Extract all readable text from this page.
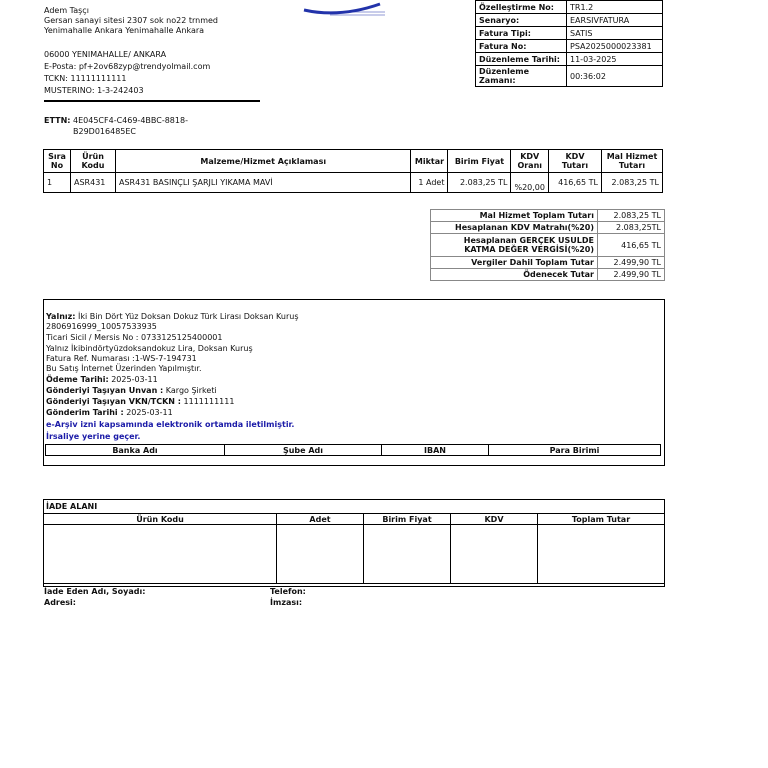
Adem Taşçı
Gersan sanayi sitesi 2307 sok no22 trnmed
Yenimahalle Ankara Yenimahalle Ankara
06000 YENIMAHALLE/ ANKARA
E-Posta: pf+2ov68zyp@trendyolmail.com
TCKN: 11111111111
MUSTERINO: 1-3-242403
Özelleştirme No:	TR1.2
Senaryo:	EARSIVFATURA
Fatura Tipi:	SATIS
Fatura No:	PSA2025000023381
Düzenleme Tarihi:	11-03-2025
Düzenleme Zamanı:	00:36:02
ETTN: 4E045CF4-C469-4BBC-8818-
B29D016485EC
Sıra No	Ürün Kodu	Malzeme/Hizmet Açıklaması	Miktar	Birim Fiyat	KDV Oranı	KDV Tutarı	Mal Hizmet Tutarı
1	ASR431	ASR431 BASINÇLI ŞARJLI YIKAMA MAVİ	1 Adet	2.083,25 TL	%20,00	416,65 TL	2.083,25 TL
Mal Hizmet Toplam Tutarı	2.083,25 TL
Hesaplanan KDV Matrahı(%20)	2.083,25TL
Hesaplanan GERÇEK USULDE KATMA DEĞER VERGİSİ(%20)	416,65 TL
Vergiler Dahil Toplam Tutar	2.499,90 TL
Ödenecek Tutar	2.499,90 TL
Yalnız: İki Bin Dört Yüz Doksan Dokuz Türk Lirası Doksan Kuruş
2806916999_10057533935
Ticari Sicil / Mersis No : 0733125125400001
Yalnız İkibindörtyüzdoksandokuz Lira, Doksan Kuruş
Fatura Ref. Numarası :1-WS-7-194731
Bu Satış İnternet Üzerinden Yapılmıştır.
Ödeme Tarihi: 2025-03-11
Gönderiyi Taşıyan Unvan : Kargo Şirketi
Gönderiyi Taşıyan VKN/TCKN : 1111111111
Gönderim Tarihi : 2025-03-11
e-Arşiv izni kapsamında elektronik ortamda iletilmiştir.
İrsaliye yerine geçer.
Banka Adı	Şube Adı	IBAN	Para Birimi
İADE ALANI
Ürün Kodu	Adet	Birim Fiyat	KDV	Toplam Tutar

İade Eden Adı, Soyadı:
Adresi:
Telefon:
İmzası:
